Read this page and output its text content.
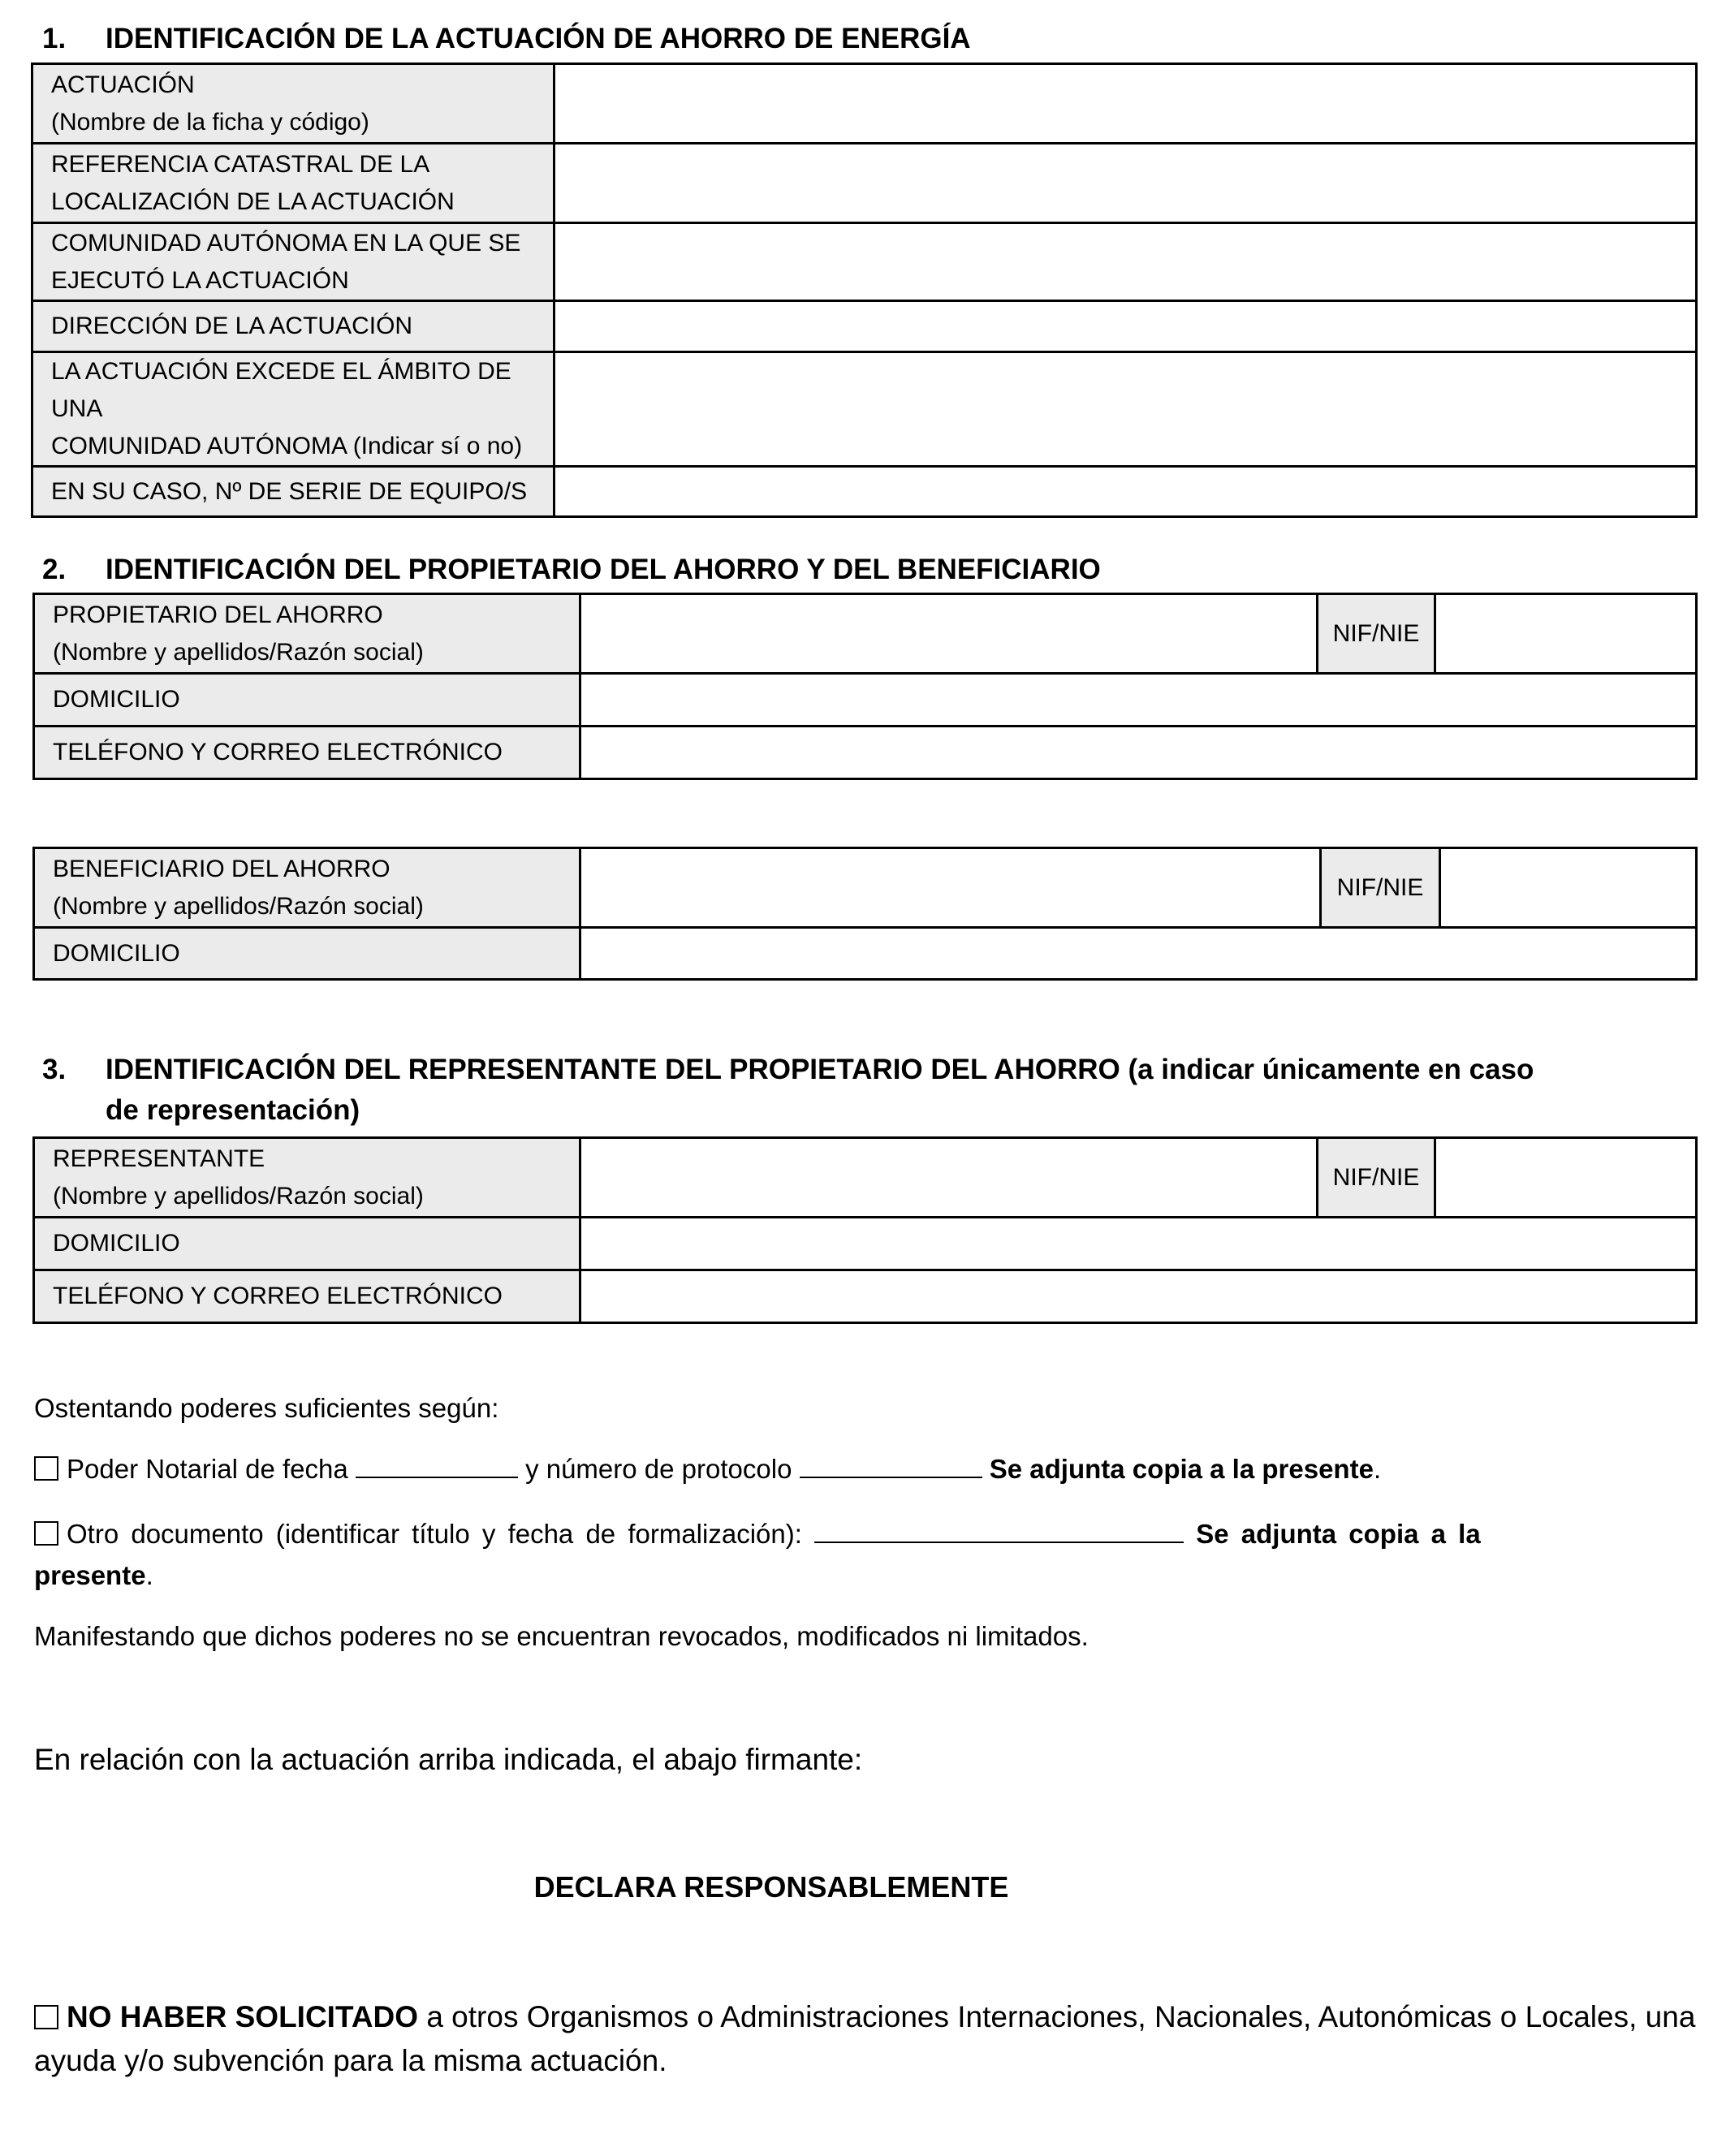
1. IDENTIFICACIÓN DE LA ACTUACIÓN DE AHORRO DE ENERGÍA
ACTUACIÓN
(Nombre de la ficha y código)	

REFERENCIA CATASTRAL DE LA
LOCALIZACIÓN DE LA ACTUACIÓN	

COMUNIDAD AUTÓNOMA EN LA QUE SE
EJECUTÓ LA ACTUACIÓN	

DIRECCIÓN DE LA ACTUACIÓN	

LA ACTUACIÓN EXCEDE EL ÁMBITO DE UNA
COMUNIDAD AUTÓNOMA (Indicar sí o no)	

EN SU CASO, Nº DE SERIE DE EQUIPO/S	

2. IDENTIFICACIÓN DEL PROPIETARIO DEL AHORRO Y DEL BENEFICIARIO
PROPIETARIO DEL AHORRO
(Nombre y apellidos/Razón social)		NIF/NIE	
DOMICILIO			
TELÉFONO Y CORREO ELECTRÓNICO			
BENEFICIARIO DEL AHORRO
(Nombre y apellidos/Razón social)		NIF/NIE	
DOMICILIO			
3. IDENTIFICACIÓN DEL REPRESENTANTE DEL PROPIETARIO DEL AHORRO (a indicar únicamente en caso
de representación)
REPRESENTANTE
(Nombre y apellidos/Razón social)		NIF/NIE	
DOMICILIO			
TELÉFONO Y CORREO ELECTRÓNICO			
Ostentando poderes suficientes según:
Poder Notarial de fecha	y número de protocolo	Se adjunta copia a la presente.
Otro documento (identificar título y fecha de formalización):	Se adjunta copia a la
presente.
Manifestando que dichos poderes no se encuentran revocados, modificados ni limitados.
En relación con la actuación arriba indicada, el abajo firmante:
DECLARA RESPONSABLEMENTE
NO HABER SOLICITADO a otros Organismos o Administraciones Internaciones, Nacionales, Autonómicas o Locales, una
ayuda y/o subvención para la misma actuación.
